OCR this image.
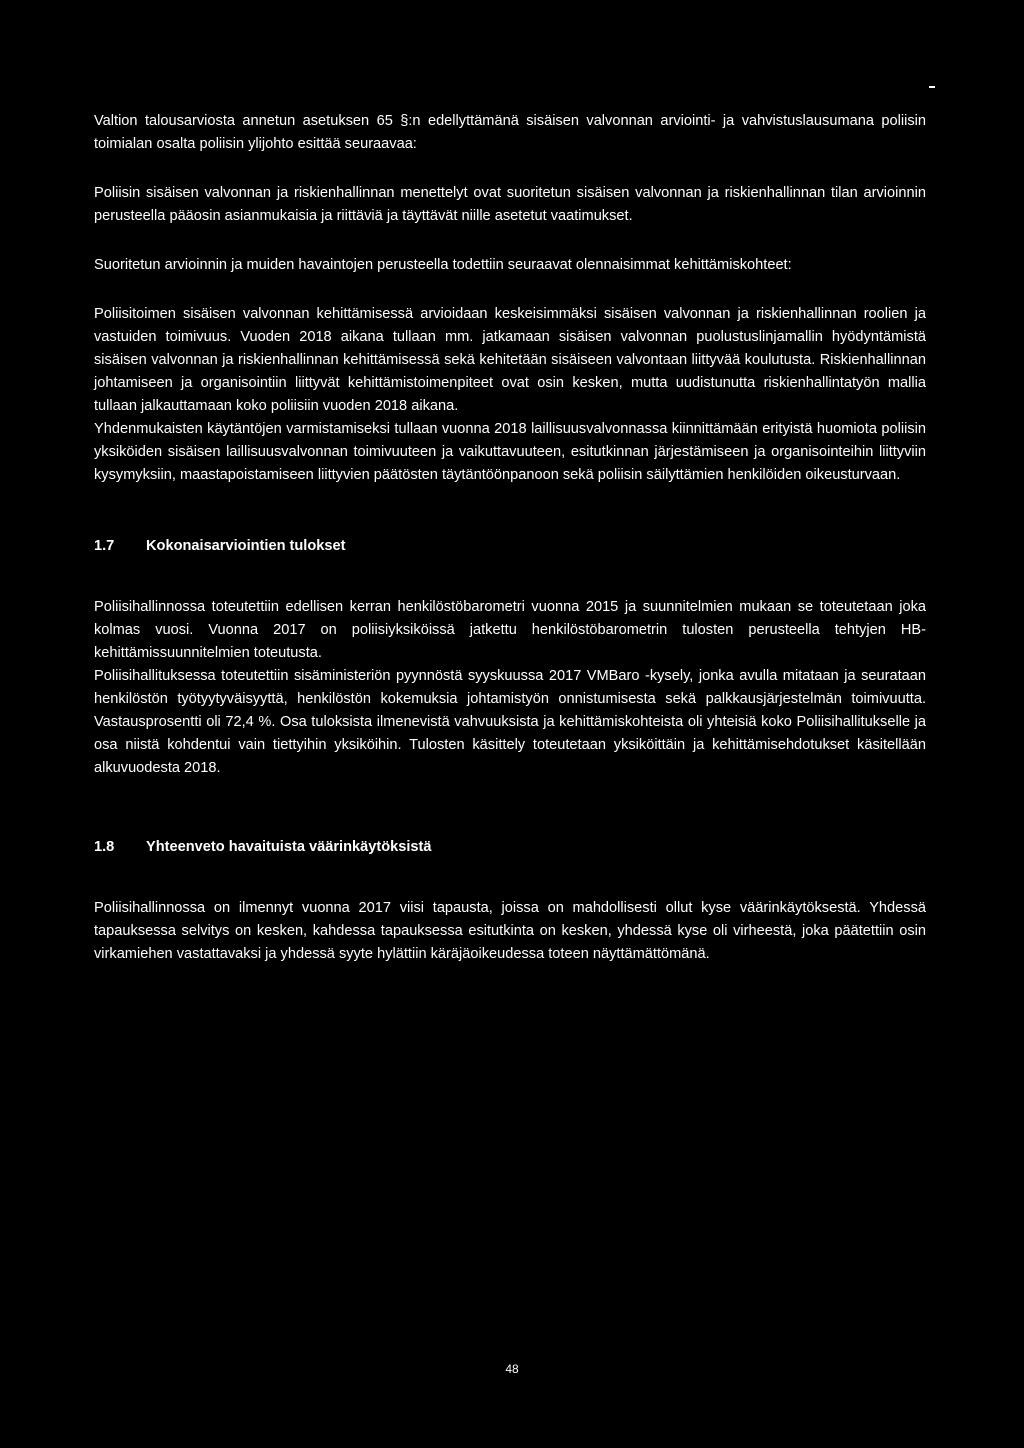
Valtion talousarviosta annetun asetuksen 65 §:n edellyttämänä sisäisen valvonnan arviointi- ja vahvistuslausumana poliisin toimialan osalta poliisin ylijohto esittää seuraavaa:

Poliisin sisäisen valvonnan ja riskienhallinnan menettelyt ovat suoritetun sisäisen valvonnan ja riskienhallinnan tilan arvioinnin perusteella pääosin asianmukaisia ja riittäviä ja täyttävät niille asetetut vaatimukset.

Suoritetun arvioinnin ja muiden havaintojen perusteella todettiin seuraavat olennaisimmat kehittämiskohteet:

Poliisitoimen sisäisen valvonnan kehittämisessä arvioidaan keskeisimmäksi sisäisen valvonnan ja riskienhallinnan roolien ja vastuiden toimivuus. Vuoden 2018 aikana tullaan mm. jatkamaan sisäisen valvonnan puolustuslinjamallin hyödyntämistä sisäisen valvonnan ja riskienhallinnan kehittämisessä sekä kehitetään sisäiseen valvontaan liittyvää koulutusta. Riskienhallinnan johtamiseen ja organisointiin liittyvät kehittämistoimenpiteet ovat osin kesken, mutta uudistunutta riskienhallintatyön mallia tullaan jalkauttamaan koko poliisiin vuoden 2018 aikana.

Yhdenmukaisten käytäntöjen varmistamiseksi tullaan vuonna 2018 laillisuusvalvonnassa kiinnittämään erityistä huomiota poliisin yksiköiden sisäisen laillisuusvalvonnan toimivuuteen ja vaikuttavuuteen, esitutkinnan järjestämiseen ja organisointeihin liittyviin kysymyksiin, maastapoistamiseen liittyvien päätösten täytäntöönpanoon sekä poliisin säilyttämien henkilöiden oikeusturvaan.

1.7	Kokonaisarviointien tulokset

Poliisihallinnossa toteutettiin edellisen kerran henkilöstöbarometri vuonna 2015 ja suunnitelmien mukaan se toteutetaan joka kolmas vuosi. Vuonna 2017 on poliisiyksiköissä jatkettu henkilöstöbarometrin tulosten perusteella tehtyjen HB-kehittämissuunnitelmien toteutusta.

Poliisihallituksessa toteutettiin sisäministeriön pyynnöstä syyskuussa 2017 VMBaro -kysely, jonka avulla mitataan ja seurataan henkilöstön työtyytyväisyyttä, henkilöstön kokemuksia johtamistyön onnistumisesta sekä palkkausjärjestelmän toimivuutta. Vastausprosentti oli 72,4 %. Osa tuloksista ilmenevistä vahvuuksista ja kehittämiskohteista oli yhteisiä koko Poliisihallitukselle ja osa niistä kohdentui vain tiettyihin yksiköihin. Tulosten käsittely toteutetaan yksiköittäin ja kehittämisehdotukset käsitellään alkuvuodesta 2018.

1.8	Yhteenveto havaituista väärinkäytöksistä

Poliisihallinnossa on ilmennyt vuonna 2017 viisi tapausta, joissa on mahdollisesti ollut kyse väärinkäytöksestä. Yhdessä tapauksessa selvitys on kesken, kahdessa tapauksessa esitutkinta on kesken, yhdessä kyse oli virheestä, joka päätettiin osin virkamiehen vastattavaksi ja yhdessä syyte hylättiin käräjäoikeudessa toteen näyttämättömänä.

48
